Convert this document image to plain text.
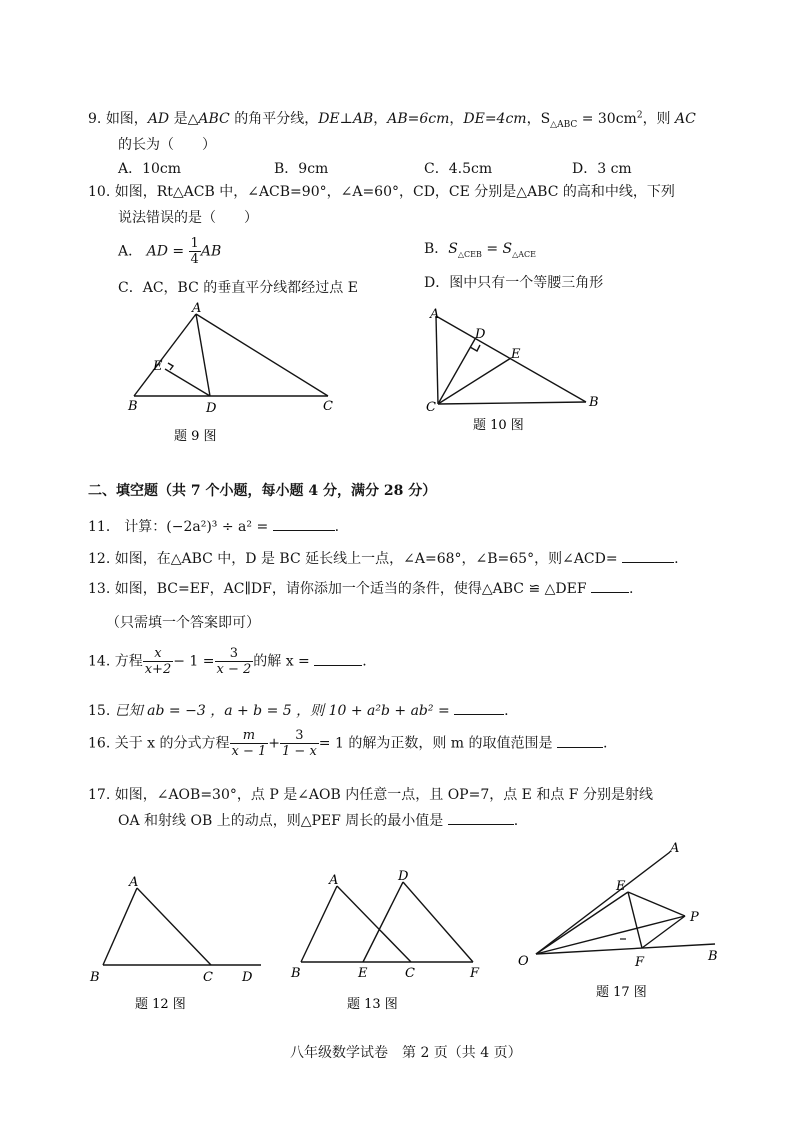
9. 如图，AD 是△ABC 的角平分线，DE⊥AB，AB=6cm，DE=4cm，$S_{\triangle ABC} = 30cm^2$，则 AC
的长为（　　）
A．10cm	B．9cm	C．4.5cm	D．3 cm
10. 如图，Rt△ACB 中，∠ACB=90°，∠A=60°，CD，CE 分别是△ABC 的高和中线，下列
说法错误的是（　　）
A． AD = $\frac{1}{4}$ AB	B．$S_{\triangle CEB} = S_{\triangle ACE}$
C．AC，BC 的垂直平分线都经过点 E	D．图中只有一个等腰三角形
A
E
B	D	C
题 9 图
A
D
E
C	B
题 10 图
二、填空题（共 7 个小题，每小题 4 分，满分 28 分）
11． 计算：(−2a²)³ ÷ a² =	.
12. 如图，在△ABC 中，D 是 BC 延长线上一点，∠A=68°，∠B=65°，则∠ACD=	.
13. 如图，BC=EF，AC∥DF，请你添加一个适当的条件，使得△ABC ≌ △DEF	.
（只需填一个答案即可）
14. 方程 $\frac{x}{x+2} - 1 = \frac{3}{x - 2}$ 的解 x =	.
15. 已知 ab = −3 ，a + b = 5 ，则 10 + a²b + ab² =	.
16. 关于 x 的分式方程 $\frac{m}{x - 1} + \frac{3}{1 - x} = 1$ 的解为正数，则 m 的取值范围是	.
17. 如图，∠AOB=30°，点 P 是∠AOB 内任意一点，且 OP=7，点 E 和点 F 分别是射线
OA 和射线 OB 上的动点，则△PEF 周长的最小值是	.
A
B	C D
题 12 图
A	D
B	E	C	F
题 13 图
A
E
P
O	F	B
题 17 图
八年级数学试卷　第 2 页（共 4 页）
